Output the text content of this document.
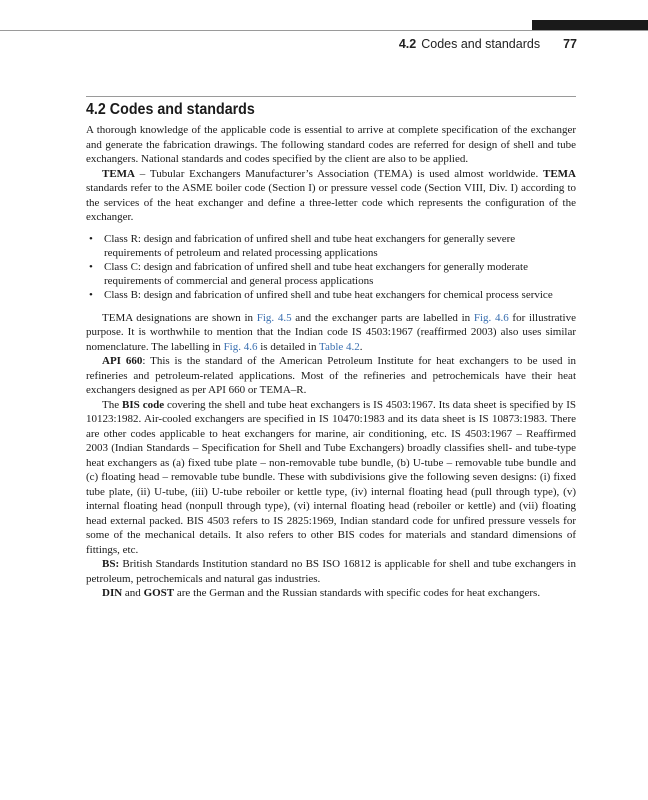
4.2 Codes and standards 77
4.2 Codes and standards

A thorough knowledge of the applicable code is essential to arrive at complete specification of the exchanger and generate the fabrication drawings. The following standard codes are referred for design of shell and tube exchangers. National standards and codes specified by the client are also to be applied.

TEMA – Tubular Exchangers Manufacturer’s Association (TEMA) is used almost worldwide. TEMA standards refer to the ASME boiler code (Section I) or pressure vessel code (Section VIII, Div. I) according to the services of the heat exchanger and define a three-letter code which represents the configuration of the exchanger.

• Class R: design and fabrication of unfired shell and tube heat exchangers for generally severe requirements of petroleum and related processing applications
• Class C: design and fabrication of unfired shell and tube heat exchangers for generally moderate requirements of commercial and general process applications
• Class B: design and fabrication of unfired shell and tube heat exchangers for chemical process service

TEMA designations are shown in Fig. 4.5 and the exchanger parts are labelled in Fig. 4.6 for illustrative purpose. It is worthwhile to mention that the Indian code IS 4503:1967 (reaffirmed 2003) also uses similar nomenclature. The labelling in Fig. 4.6 is detailed in Table 4.2.

API 660: This is the standard of the American Petroleum Institute for heat exchangers to be used in refineries and petroleum-related applications. Most of the refineries and petrochemicals have their heat exchangers designed as per API 660 or TEMA–R.

The BIS code covering the shell and tube heat exchangers is IS 4503:1967. Its data sheet is specified by IS 10123:1982. Air-cooled exchangers are specified in IS 10470:1983 and its data sheet is IS 10873:1983. There are other codes applicable to heat exchangers for marine, air conditioning, etc. IS 4503:1967 – Reaffirmed 2003 (Indian Standards – Specification for Shell and Tube Exchangers) broadly classifies shell- and tube-type heat exchangers as (a) fixed tube plate – non-removable tube bundle, (b) U-tube – removable tube bundle and (c) floating head – removable tube bundle. These with subdivisions give the following seven designs: (i) fixed tube plate, (ii) U-tube, (iii) U-tube reboiler or kettle type, (iv) internal floating head (pull through type), (v) internal floating head (nonpull through type), (vi) internal floating head (reboiler or kettle) and (vii) floating head external packed. BIS 4503 refers to IS 2825:1969, Indian standard code for unfired pressure vessels for some of the mechanical details. It also refers to other BIS codes for materials and standard dimensions of fittings, etc.

BS: British Standards Institution standard no BS ISO 16812 is applicable for shell and tube exchangers in petroleum, petrochemicals and natural gas industries.

DIN and GOST are the German and the Russian standards with specific codes for heat exchangers.
